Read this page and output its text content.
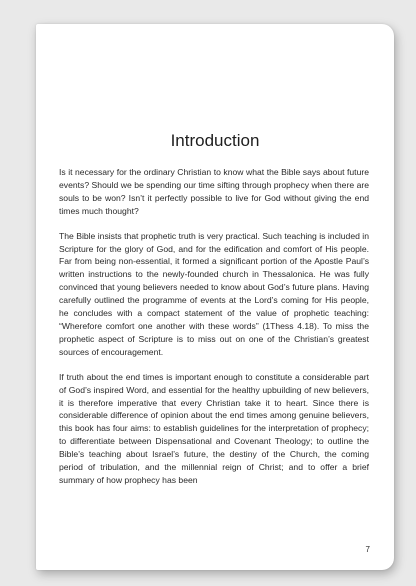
Introduction

Is it necessary for the ordinary Christian to know what the Bible says about future events? Should we be spending our time sifting through prophecy when there are souls to be won? Isn’t it perfectly possible to live for God without giving the end times much thought?

The Bible insists that prophetic truth is very practical. Such teaching is included in Scripture for the glory of God, and for the edification and comfort of His people. Far from being non-essential, it formed a significant portion of the Apostle Paul’s written instructions to the newly-founded church in Thessalonica. He was fully convinced that young believers needed to know about God’s future plans. Having carefully outlined the programme of events at the Lord’s coming for His people, he concludes with a compact statement of the value of prophetic teaching: “Wherefore comfort one another with these words” (1Thess 4.18). To miss the prophetic aspect of Scripture is to miss out on one of the Christian’s greatest sources of encouragement.

If truth about the end times is important enough to constitute a considerable part of God’s inspired Word, and essential for the healthy upbuilding of new believers, it is therefore imperative that every Christian take it to heart. Since there is considerable difference of opinion about the end times among genuine believers, this book has four aims: to establish guidelines for the interpretation of prophecy; to differentiate between Dispensational and Covenant Theology; to outline the Bible’s teaching about Israel’s future, the destiny of the Church, the coming period of tribulation, and the millennial reign of Christ; and to offer a brief summary of how prophecy has been

7
